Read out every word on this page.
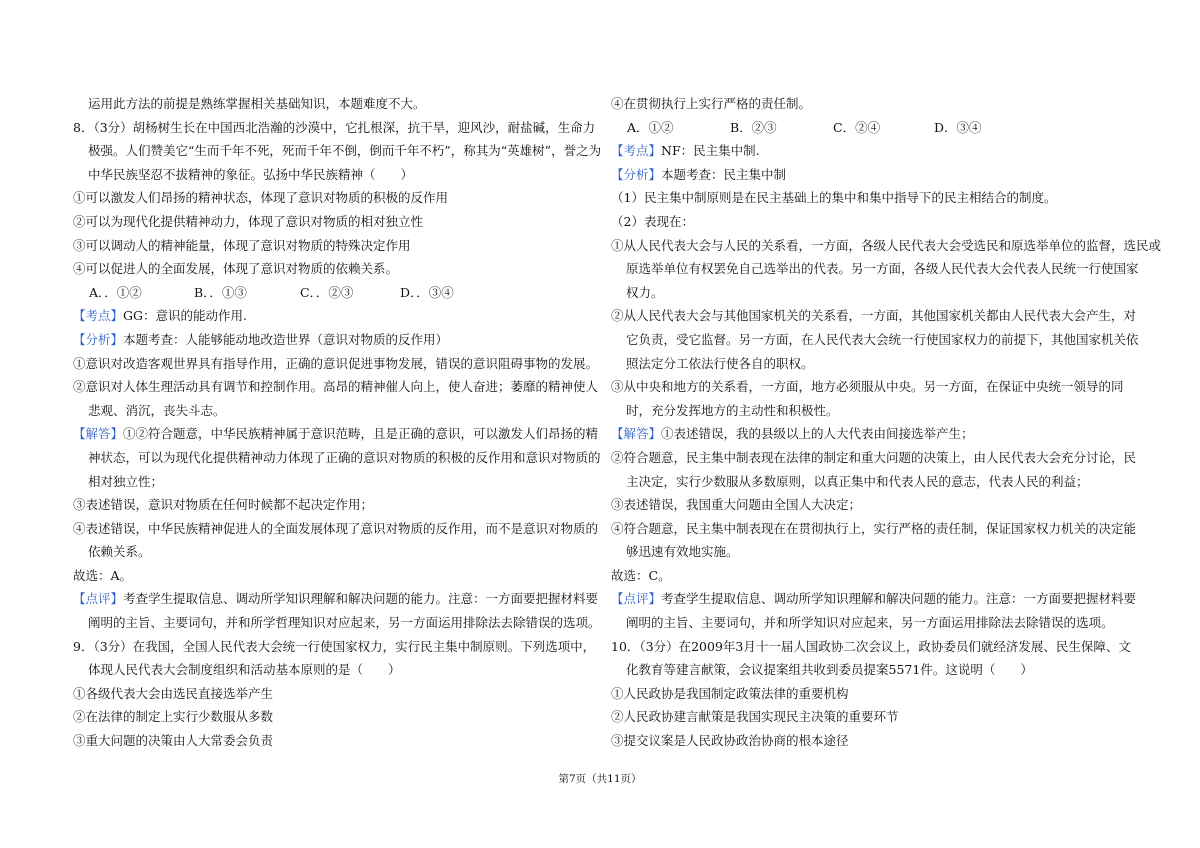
运用此方法的前提是熟练掌握相关基础知识，本题难度不大。
8．（3分）胡杨树生长在中国西北浩瀚的沙漠中，它扎根深，抗干旱，迎风沙，耐盐碱，生命力
极强。人们赞美它“生而千年不死，死而千年不倒，倒而千年不朽”，称其为“英雄树”，誉之为
中华民族坚忍不拔精神的象征。弘扬中华民族精神（　　）
①可以激发人们昂扬的精神状态，体现了意识对物质的积极的反作用
②可以为现代化提供精神动力，体现了意识对物质的相对独立性
③可以调动人的精神能量，体现了意识对物质的特殊决定作用
④可以促进人的全面发展，体现了意识对物质的依赖关系。
A．．①②	B．．①③	C．．②③	D．．③④
【考点】GG：意识的能动作用.
【分析】本题考查：人能够能动地改造世界（意识对物质的反作用）
①意识对改造客观世界具有指导作用，正确的意识促进事物发展，错误的意识阻碍事物的发展。
②意识对人体生理活动具有调节和控制作用。高昂的精神催人向上，使人奋进；萎靡的精神使人
悲观、消沉，丧失斗志。
【解答】①②符合题意，中华民族精神属于意识范畴，且是正确的意识，可以激发人们昂扬的精
神状态，可以为现代化提供精神动力体现了正确的意识对物质的积极的反作用和意识对物质的
相对独立性；
③表述错误，意识对物质在任何时候都不起决定作用；
④表述错误，中华民族精神促进人的全面发展体现了意识对物质的反作用，而不是意识对物质的
依赖关系。
故选：A。
【点评】考查学生提取信息、调动所学知识理解和解决问题的能力。注意：一方面要把握材料要
阐明的主旨、主要词句，并和所学哲理知识对应起来，另一方面运用排除法去除错误的选项。
9．（3分）在我国，全国人民代表大会统一行使国家权力，实行民主集中制原则。下列选项中，
体现人民代表大会制度组织和活动基本原则的是（　　）
①各级代表大会由选民直接选举产生
②在法律的制定上实行少数服从多数
③重大问题的决策由人大常委会负责
④在贯彻执行上实行严格的责任制。
A．①②	B．②③	C．②④	D．③④
【考点】NF：民主集中制.
【分析】本题考查：民主集中制
（1）民主集中制原则是在民主基础上的集中和集中指导下的民主相结合的制度。
（2）表现在：
①从人民代表大会与人民的关系看，一方面，各级人民代表大会受选民和原选举单位的监督，选民或
原选举单位有权罢免自己选举出的代表。另一方面，各级人民代表大会代表人民统一行使国家
权力。
②从人民代表大会与其他国家机关的关系看，一方面，其他国家机关都由人民代表大会产生，对
它负责，受它监督。另一方面，在人民代表大会统一行使国家权力的前提下，其他国家机关依
照法定分工依法行使各自的职权。
③从中央和地方的关系看，一方面，地方必须服从中央。另一方面，在保证中央统一领导的同
时，充分发挥地方的主动性和积极性。
【解答】①表述错误，我的县级以上的人大代表由间接选举产生；
②符合题意，民主集中制表现在法律的制定和重大问题的决策上，由人民代表大会充分讨论，民
主决定，实行少数服从多数原则，以真正集中和代表人民的意志，代表人民的利益；
③表述错误，我国重大问题由全国人大决定；
④符合题意，民主集中制表现在在贯彻执行上，实行严格的责任制，保证国家权力机关的决定能
够迅速有效地实施。
故选：C。
【点评】考查学生提取信息、调动所学知识理解和解决问题的能力。注意：一方面要把握材料要
阐明的主旨、主要词句，并和所学知识对应起来，另一方面运用排除法去除错误的选项。
10．（3分）在2009年3月十一届人国政协二次会议上，政协委员们就经济发展、民生保障、文
化教育等建言献策，会议提案组共收到委员提案5571件。这说明（　　）
①人民政协是我国制定政策法律的重要机构
②人民政协建言献策是我国实现民主决策的重要环节
③提交议案是人民政协政治协商的根本途径
第7页（共11页）
